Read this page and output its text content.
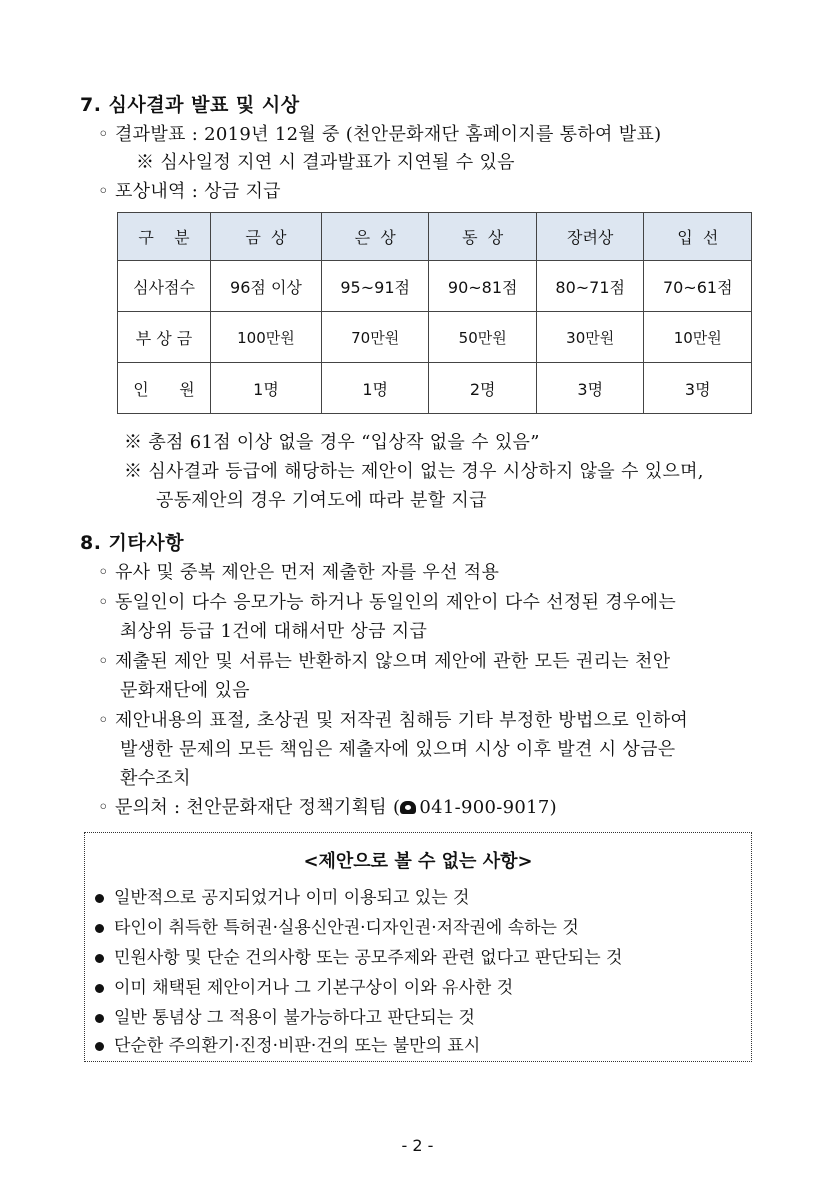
7. 심사결과 발표 및 시상
◦ 결과발표 : 2019년 12월 중 (천안문화재단 홈페이지를 통하여 발표)
※ 심사일정 지연 시 결과발표가 지연될 수 있음
◦ 포상내역 : 상금 지급
구    분	금  상	은  상	동  상	장려상	입  선
심사점수	96점 이상	95~91점	90~81점	80~71점	70~61점
부 상 금	100만원	70만원	50만원	30만원	10만원
인      원	1명	1명	2명	3명	3명
※ 총점 61점 이상 없을 경우 “입상작 없을 수 있음”
※ 심사결과 등급에 해당하는 제안이 없는 경우 시상하지 않을 수 있으며,
공동제안의 경우 기여도에 따라 분할 지급
8. 기타사항
◦ 유사 및 중복 제안은 먼저 제출한 자를 우선 적용
◦ 동일인이 다수 응모가능 하거나 동일인의 제안이 다수 선정된 경우에는
최상위 등급 1건에 대해서만 상금 지급
◦ 제출된 제안 및 서류는 반환하지 않으며 제안에 관한 모든 권리는 천안
문화재단에 있음
◦ 제안내용의 표절, 초상권 및 저작권 침해등 기타 부정한 방법으로 인하여
발생한 문제의 모든 책임은 제출자에 있으며 시상 이후 발견 시 상금은
환수조치
◦ 문의처 : 천안문화재단 정책기획팀 ( 041-900-9017)
<제안으로 볼 수 없는 사항>
일반적으로 공지되었거나 이미 이용되고 있는 것
타인이 취득한 특허권·실용신안권·디자인권·저작권에 속하는 것
민원사항 및 단순 건의사항 또는 공모주제와 관련 없다고 판단되는 것
이미 채택된 제안이거나 그 기본구상이 이와 유사한 것
일반 통념상 그 적용이 불가능하다고 판단되는 것
단순한 주의환기·진정·비판·건의 또는 불만의 표시
- 2 -
